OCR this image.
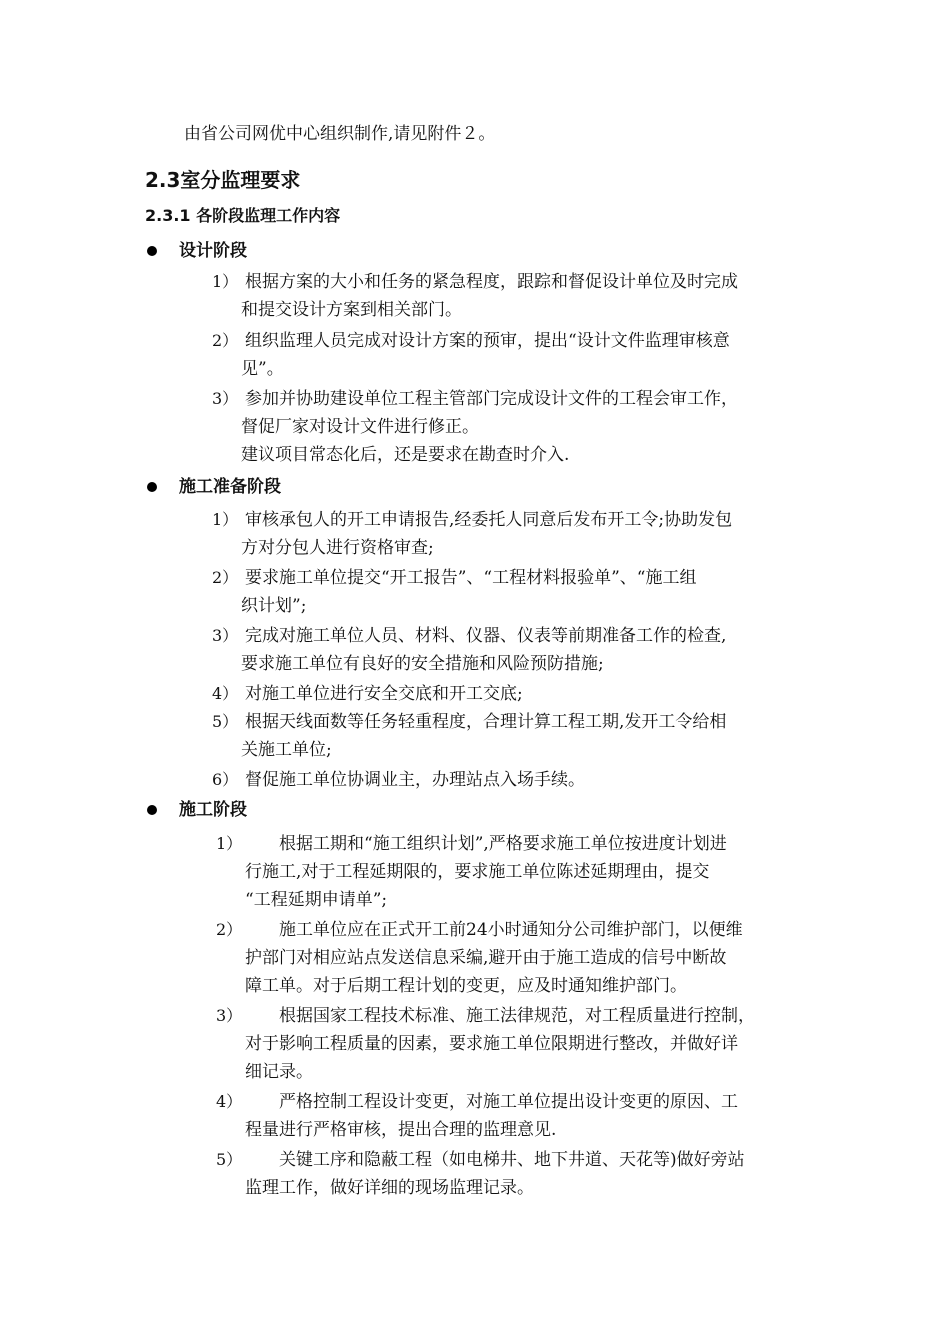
由省公司网优中心组织制作,请见附件２。
2.3室分监理要求
2.3.1 各阶段监理工作内容
设计阶段
1） 根据方案的大小和任务的紧急程度，跟踪和督促设计单位及时完成
和提交设计方案到相关部门。
2） 组织监理人员完成对设计方案的预审，提出“设计文件监理审核意
见”。
3） 参加并协助建设单位工程主管部门完成设计文件的工程会审工作，
督促厂家对设计文件进行修正。
建议项目常态化后，还是要求在勘查时介入.
施工准备阶段
1） 审核承包人的开工申请报告,经委托人同意后发布开工令;协助发包
方对分包人进行资格审查;
2） 要求施工单位提交“开工报告”、“工程材料报验单”、“施工组
织计划”;
3） 完成对施工单位人员、材料、仪器、仪表等前期准备工作的检查,
要求施工单位有良好的安全措施和风险预防措施;
4） 对施工单位进行安全交底和开工交底;
5） 根据天线面数等任务轻重程度，合理计算工程工期,发开工令给相
关施工单位;
6） 督促施工单位协调业主，办理站点入场手续。
施工阶段
1） 根据工期和“施工组织计划”,严格要求施工单位按进度计划进
行施工,对于工程延期限的，要求施工单位陈述延期理由，提交
“工程延期申请单”;
2） 施工单位应在正式开工前24小时通知分公司维护部门，以便维
护部门对相应站点发送信息采编,避开由于施工造成的信号中断故
障工单。对于后期工程计划的变更，应及时通知维护部门。
3） 根据国家工程技术标准、施工法律规范，对工程质量进行控制，
对于影响工程质量的因素，要求施工单位限期进行整改，并做好详
细记录。
4） 严格控制工程设计变更，对施工单位提出设计变更的原因、工
程量进行严格审核，提出合理的监理意见.
5） 关键工序和隐蔽工程（如电梯井、地下井道、天花等)做好旁站
监理工作，做好详细的现场监理记录。
